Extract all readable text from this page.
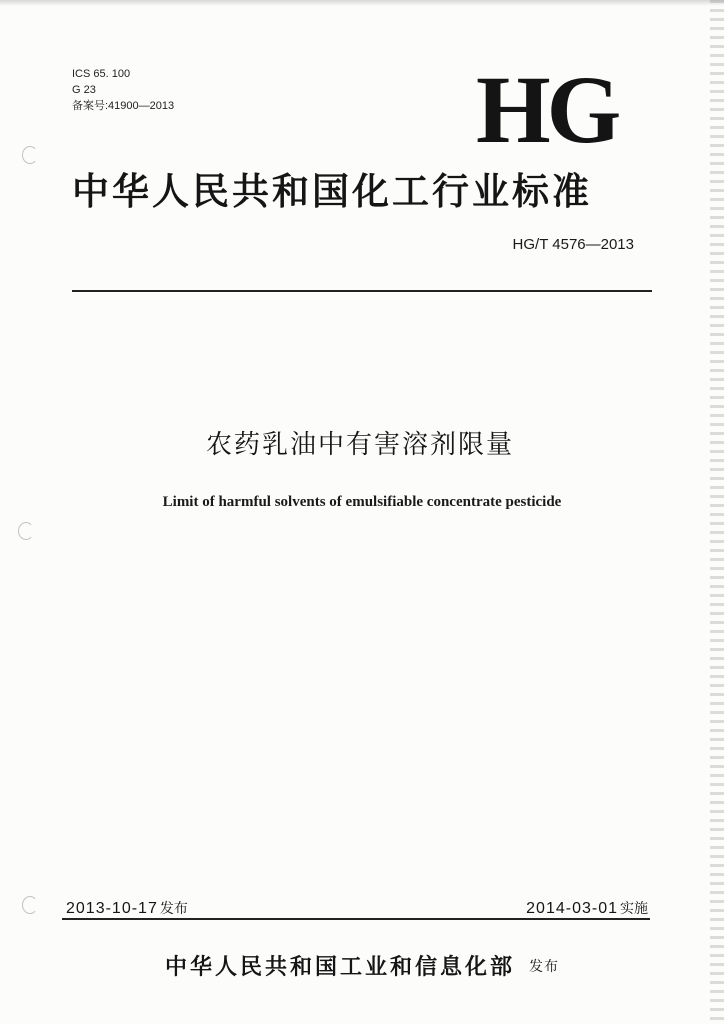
ICS 65. 100
G 23
备案号:41900—2013	HG
中华人民共和国化工行业标准
HG/T 4576—2013
农药乳油中有害溶剂限量
Limit of harmful solvents of emulsifiable concentrate pesticide
2013-10-17 发布	2014-03-01 实施
中华人民共和国工业和信息化部 发布
